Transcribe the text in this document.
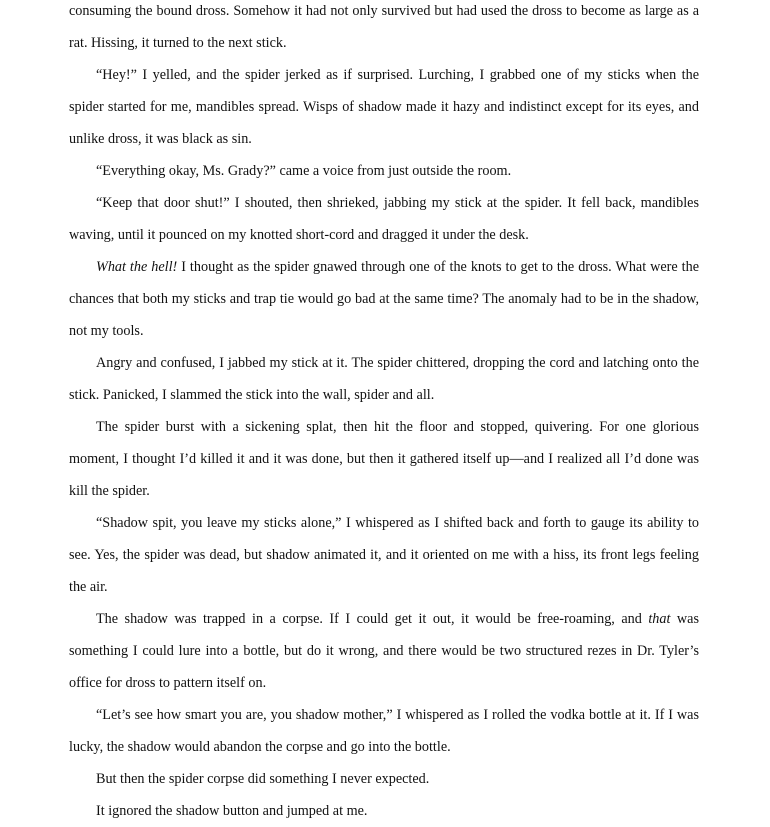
consuming the bound dross. Somehow it had not only survived but had used the dross to become as large as a rat. Hissing, it turned to the next stick.

“Hey!” I yelled, and the spider jerked as if surprised. Lurching, I grabbed one of my sticks when the spider started for me, mandibles spread. Wisps of shadow made it hazy and indistinct except for its eyes, and unlike dross, it was black as sin.

“Everything okay, Ms. Grady?” came a voice from just outside the room.

“Keep that door shut!” I shouted, then shrieked, jabbing my stick at the spider. It fell back, mandibles waving, until it pounced on my knotted short-cord and dragged it under the desk.

What the hell! I thought as the spider gnawed through one of the knots to get to the dross. What were the chances that both my sticks and trap tie would go bad at the same time? The anomaly had to be in the shadow, not my tools.

Angry and confused, I jabbed my stick at it. The spider chittered, dropping the cord and latching onto the stick. Panicked, I slammed the stick into the wall, spider and all.

The spider burst with a sickening splat, then hit the floor and stopped, quivering. For one glorious moment, I thought I’d killed it and it was done, but then it gathered itself up—and I realized all I’d done was kill the spider.

“Shadow spit, you leave my sticks alone,” I whispered as I shifted back and forth to gauge its ability to see. Yes, the spider was dead, but shadow animated it, and it oriented on me with a hiss, its front legs feeling the air.

The shadow was trapped in a corpse. If I could get it out, it would be free-roaming, and that was something I could lure into a bottle, but do it wrong, and there would be two structured rezes in Dr. Tyler’s office for dross to pattern itself on.

“Let’s see how smart you are, you shadow mother,” I whispered as I rolled the vodka bottle at it. If I was lucky, the shadow would abandon the corpse and go into the bottle.

But then the spider corpse did something I never expected.

It ignored the shadow button and jumped at me.
